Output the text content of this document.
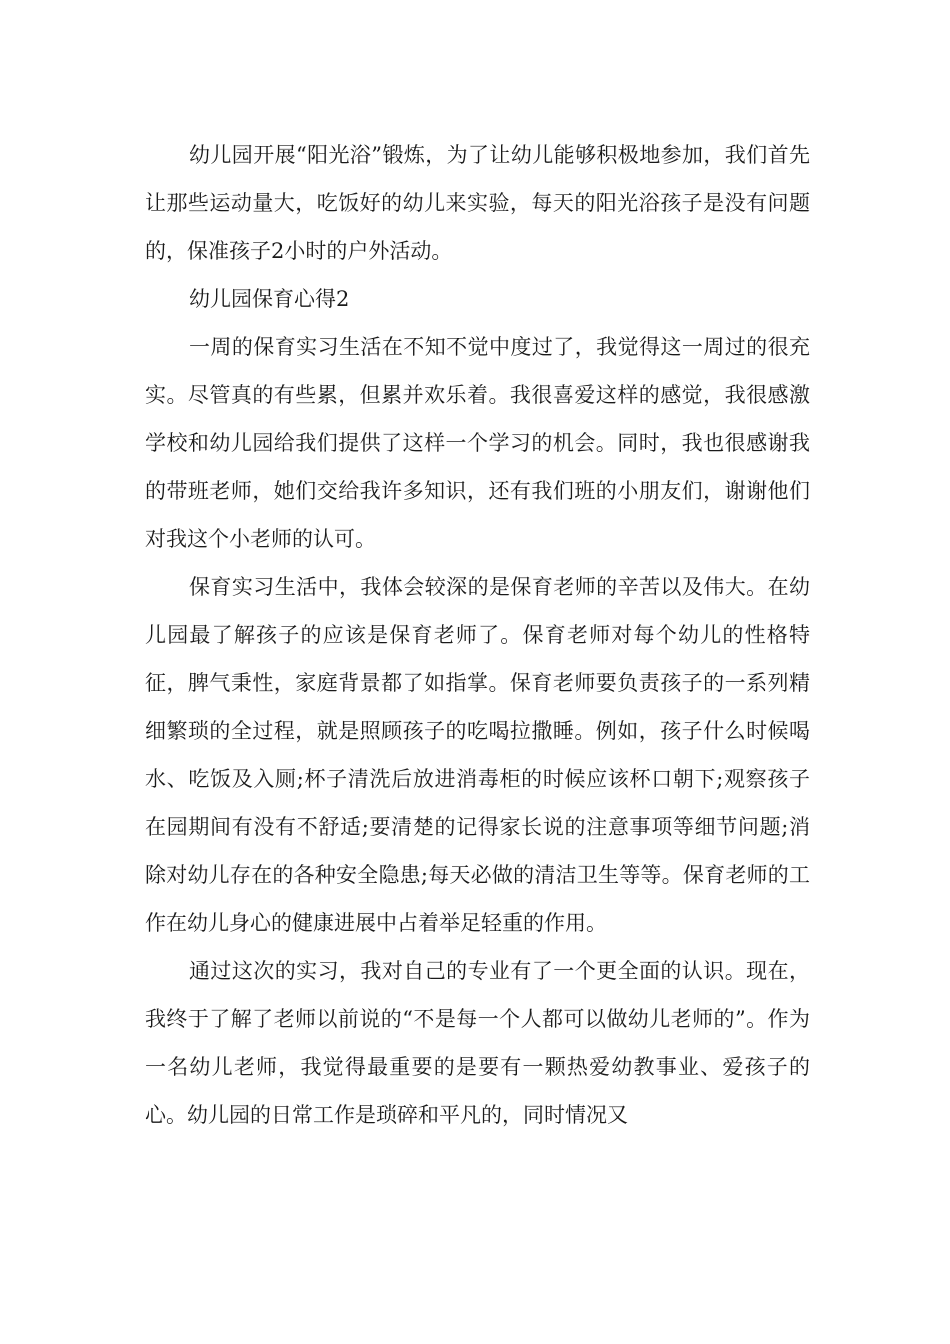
幼儿园开展“阳光浴”锻炼，为了让幼儿能够积极地参加，我们首先让那些运动量大，吃饭好的幼儿来实验，每天的阳光浴孩子是没有问题的，保准孩子2小时的户外活动。

幼儿园保育心得2

一周的保育实习生活在不知不觉中度过了，我觉得这一周过的很充实。尽管真的有些累，但累并欢乐着。我很喜爱这样的感觉，我很感激学校和幼儿园给我们提供了这样一个学习的机会。同时，我也很感谢我的带班老师，她们交给我许多知识，还有我们班的小朋友们，谢谢他们对我这个小老师的认可。

保育实习生活中，我体会较深的是保育老师的辛苦以及伟大。在幼儿园最了解孩子的应该是保育老师了。保育老师对每个幼儿的性格特征，脾气秉性，家庭背景都了如指掌。保育老师要负责孩子的一系列精细繁琐的全过程，就是照顾孩子的吃喝拉撒睡。例如，孩子什么时候喝水、吃饭及入厕;杯子清洗后放进消毒柜的时候应该杯口朝下;观察孩子在园期间有没有不舒适;要清楚的记得家长说的注意事项等细节问题;消除对幼儿存在的各种安全隐患;每天必做的清洁卫生等等。保育老师的工作在幼儿身心的健康进展中占着举足轻重的作用。

通过这次的实习，我对自己的专业有了一个更全面的认识。现在，我终于了解了老师以前说的“不是每一个人都可以做幼儿老师的”。作为一名幼儿老师，我觉得最重要的是要有一颗热爱幼教事业、爱孩子的心。幼儿园的日常工作是琐碎和平凡的，同时情况又
